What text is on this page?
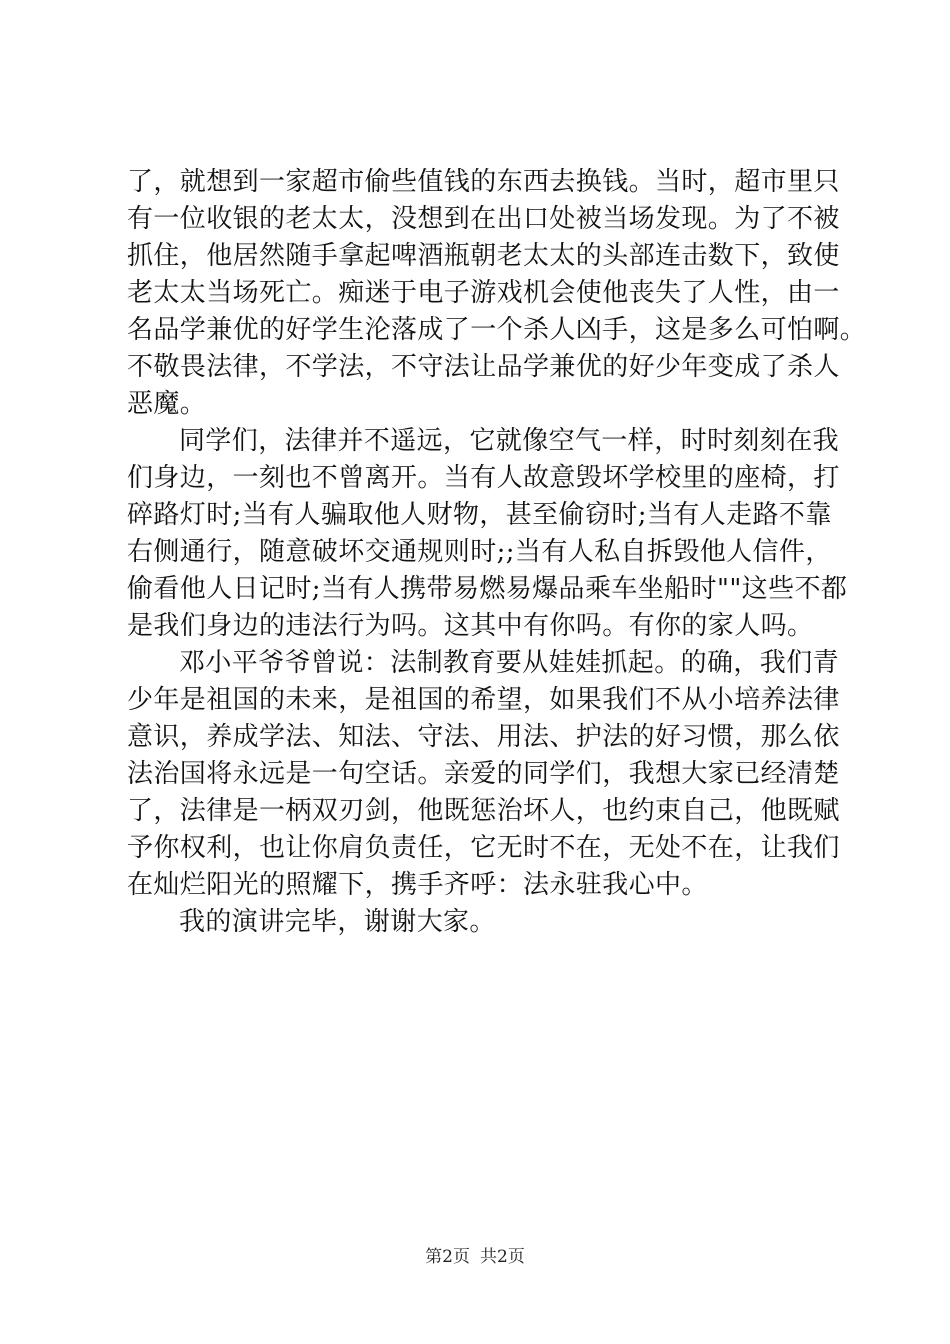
了，就想到一家超市偷些值钱的东西去换钱。当时，超市里只
有一位收银的老太太，没想到在出口处被当场发现。为了不被
抓住，他居然随手拿起啤酒瓶朝老太太的头部连击数下，致使
老太太当场死亡。痴迷于电子游戏机会使他丧失了人性，由一
名品学兼优的好学生沦落成了一个杀人凶手，这是多么可怕啊。
不敬畏法律，不学法，不守法让品学兼优的好少年变成了杀人
恶魔。
同学们，法律并不遥远，它就像空气一样，时时刻刻在我
们身边，一刻也不曾离开。当有人故意毁坏学校里的座椅，打
碎路灯时;当有人骗取他人财物，甚至偷窃时;当有人走路不靠
右侧通行，随意破坏交通规则时;;当有人私自拆毁他人信件，
偷看他人日记时;当有人携带易燃易爆品乘车坐船时""这些不都
是我们身边的违法行为吗。这其中有你吗。有你的家人吗。
邓小平爷爷曾说：法制教育要从娃娃抓起。的确，我们青
少年是祖国的未来，是祖国的希望，如果我们不从小培养法律
意识，养成学法、知法、守法、用法、护法的好习惯，那么依
法治国将永远是一句空话。亲爱的同学们，我想大家已经清楚
了，法律是一柄双刃剑，他既惩治坏人，也约束自己，他既赋
予你权利，也让你肩负责任，它无时不在，无处不在，让我们
在灿烂阳光的照耀下，携手齐呼：法永驻我心中。
我的演讲完毕，谢谢大家。
第2页 共2页
